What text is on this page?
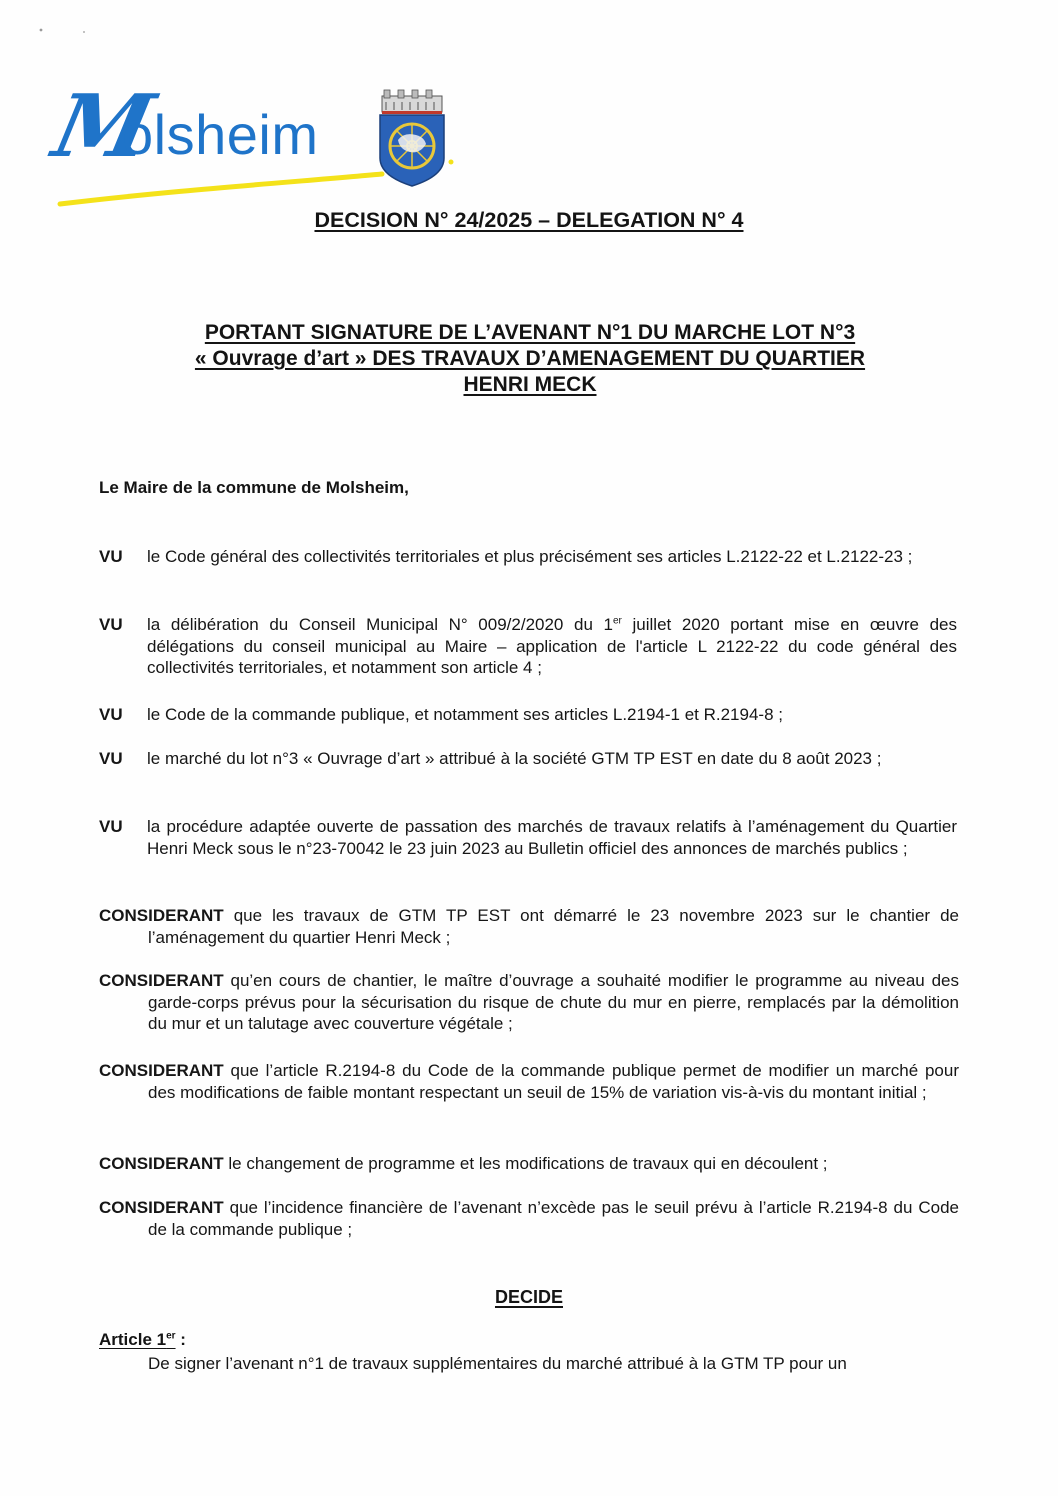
M
olsheim
DECISION N° 24/2025 – DELEGATION N° 4
PORTANT SIGNATURE DE L’AVENANT N°1 DU MARCHE LOT N°3
« Ouvrage d’art » DES TRAVAUX D’AMENAGEMENT DU QUARTIER
HENRI MECK
Le Maire de la commune de Molsheim,
VU le Code général des collectivités territoriales et plus précisément ses articles L.2122-22 et L.2122-23 ;
VU la délibération du Conseil Municipal N° 009/2/2020 du 1er juillet 2020 portant mise en œuvre des délégations du conseil municipal au Maire – application de l'article L 2122-22 du code général des collectivités territoriales, et notamment son article 4 ;
VU le Code de la commande publique, et notamment ses articles L.2194-1 et R.2194-8 ;
VU le marché du lot n°3 « Ouvrage d’art » attribué à la société GTM TP EST en date du 8 août 2023 ;
VU la procédure adaptée ouverte de passation des marchés de travaux relatifs à l’aménagement du Quartier Henri Meck sous le n°23-70042 le 23 juin 2023 au Bulletin officiel des annonces de marchés publics ;
CONSIDERANT que les travaux de GTM TP EST ont démarré le 23 novembre 2023 sur le chantier de l’aménagement du quartier Henri Meck ;
CONSIDERANT qu’en cours de chantier, le maître d’ouvrage a souhaité modifier le programme au niveau des garde-corps prévus pour la sécurisation du risque de chute du mur en pierre, remplacés par la démolition du mur et un talutage avec couverture végétale ;
CONSIDERANT que l’article R.2194-8 du Code de la commande publique permet de modifier un marché pour des modifications de faible montant respectant un seuil de 15% de variation vis-à-vis du montant initial ;
CONSIDERANT le changement de programme et les modifications de travaux qui en découlent ;
CONSIDERANT que l’incidence financière de l’avenant n’excède pas le seuil prévu à l’article R.2194-8 du Code de la commande publique ;
DECIDE
Article 1er :
De signer l’avenant n°1 de travaux supplémentaires du marché attribué à la GTM TP pour un
